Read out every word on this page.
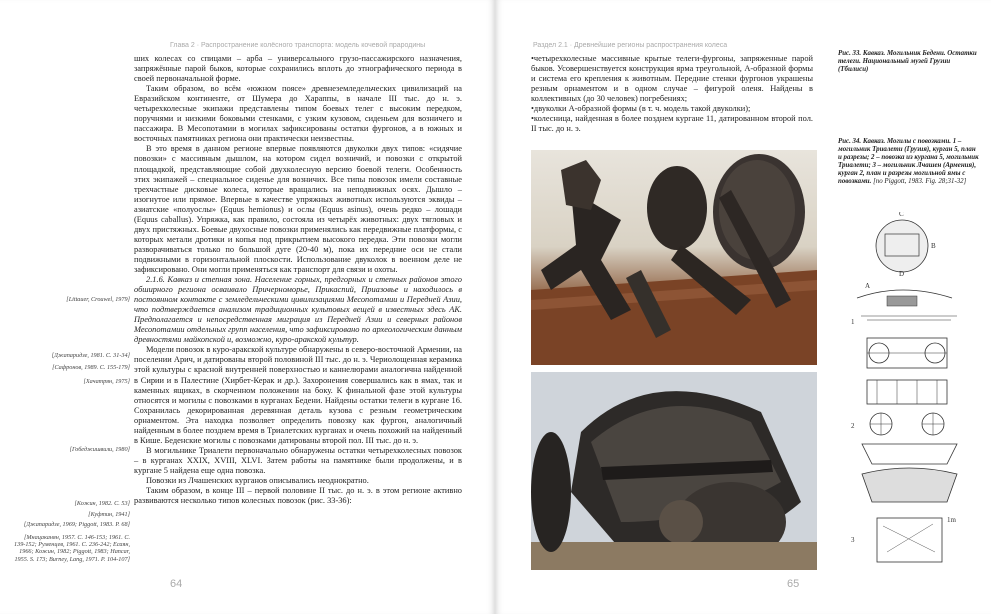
Глава 2 · Распространение колёсного транспорта: модель кочевой прародины

ших колесах со спицами – арба – универсального грузо-пассажирского назначения, запряжённые парой быков, которые сохранились вплоть до этнографического периода в своей первоначальной форме.

Таким образом, во всём «южном поясе» древнеземледельческих цивилизаций на Евразийском континенте, от Шумера до Хараппы, в начале III тыс. до н. э. четырехколесные экипажи представлены типом боевых телег с высоким передком, поручнями и низкими боковыми стенками, с узким кузовом, сиденьем для возничего и пассажира. В Месопотамии в могилах зафиксированы остатки фургонов, а в южных и восточных памятниках региона они практически неизвестны.

В это время в данном регионе впервые появляются двуколки двух типов: «сидячие повозки» с массивным дышлом, на котором сидел возничий, и повозки с открытой площадкой, представляющие собой двухколесную версию боевой телеги. Особенность этих экипажей – специальное сиденье для возничих. Все типы повозок имели составные трехчастные дисковые колеса, которые вращались на неподвижных осях. Дышло – изогнутое или прямое. Впервые в качестве упряжных животных используются эквиды – азиатские «полуослы» (Equus hemionus) и ослы (Equus asinus), очень редко – лошади (Equus caballus). Упряжка, как правило, состояла из четырёх животных: двух тягловых и двух пристяжных. Боевые двухосные повозки применялись как передвижные платформы, с которых метали дротики и копья под прикрытием высокого передка. Эти повозки могли разворачиваться только по большой дуге (20-40 м), пока их передние оси не стали подвижными в горизонтальной плоскости. Использование двуколок в военном деле не зафиксировано. Они могли применяться как транспорт для связи и охоты.

2.1.6. Кавказ и степная зона. Население горных, предгорных и степных районов этого обширного региона осваивало Причерноморье, Прикаспий, Приазовье и находилось в постоянном контакте с земледельческими цивилизациями Месопотамии и Передней Азии, что подтверждается анализом традиционных культовых вещей в известных здесь АК. Предполагается и непосредственная миграция из Передней Азии и северных районов Месопотамии отдельных групп населения, что зафиксировано по археологическим данным древностями майкопской и, возможно, куро-аракской культур.

Модели повозок в куро-аракской культуре обнаружены в северо-восточной Армении, на поселении Арич, и датированы второй половиной III тыс. до н. э. Чериолощенная керамика этой культуры с красной внутренней поверхностью и каннелюрами аналогична найденной в Сирии и в Палестине (Хирбет-Керак и др.). Захоронения совершались как в ямах, так и каменных ящиках, в скорченном положении на боку. К финальной фазе этой культуры относятся и могилы с повозками в курганах Бедени. Найдены остатки телеги в кургане 16. Сохранилась декорированная деревянная деталь кузова с резным геометрическим орнаментом. Эта находка позволяет определить повозку как фургон, аналогичный найденным в более позднем время в Триалетских курганах и очень похожий на найденный в Кише. Беденские могилы с повозками датированы второй пол. III тыс. до н. э.

В могильнике Триалети первоначально обнаружены остатки четырехколесных повозок – в курганах XXIX, XVIII, XLVI. Затем работы на памятнике были продолжены, и в кургане 5 найдена еще одна повозка.

Повозки из Лчашенских курганов описывались неоднократно.

Таким образом, в конце III – первой половине II тыс. до н. э. в этом регионе активно развиваются несколько типов колесных повозок (рис. 33-36):

[Littauer, Crouwel, 1979]
[Джапаридзе, 1981. С. 31-34]
[Сафронов, 1989. С. 155-179]
[Хачатрян, 1975]
[Гобеджишвили, 1980]
[Кожин, 1982. С. 53]
[Куфтин, 1941]
[Джапаридзе, 1969; Piggott, 1983. P. 68]
[Мнацаканян, 1957. С. 146-153; 1961. С. 139-152; Руменцев, 1961. С. 236-242; Есаян, 1966; Кожин, 1982; Piggott, 1983; Hancar, 1955. S. 173; Burney, Lang, 1971. P. 104-107]
64
Раздел 2.1 · Древнейшие регионы распространения колеса

•четырехколесные массивные крытые телеги-фургоны, запряженные парой быков. Усовершенствуется конструкция ярма треугольной, А-образной формы и система его крепления к животным. Передние стенки фургонов украшены резным орнаментом и в одном случае – фигурой оленя. Найдены в коллективных (до 30 человек) погребениях;

•двуколки А-образной формы (в т. ч. модель такой двуколки);

•колесница, найденная в более позднем кургане 11, датированном второй пол. II тыс. до н. э.

Рис. 33. Кавказ. Могильник Бедени. Остатки телеги. Национальный музей Грузии (Тбилиси)
Рис. 34. Кавказ. Могилы с повозками. 1 – могильник Триалети (Грузия), курган 5, план и разрезы; 2 – повозка из кургана 5, могильник Триалети; 3 – могильник Лчашен (Армения), курган 2, план и разрезы могильной ямы с повозками. [по Piggott, 1983. Fig. 28;31-32]
C
B
A
D
1
2
3
1m
65
